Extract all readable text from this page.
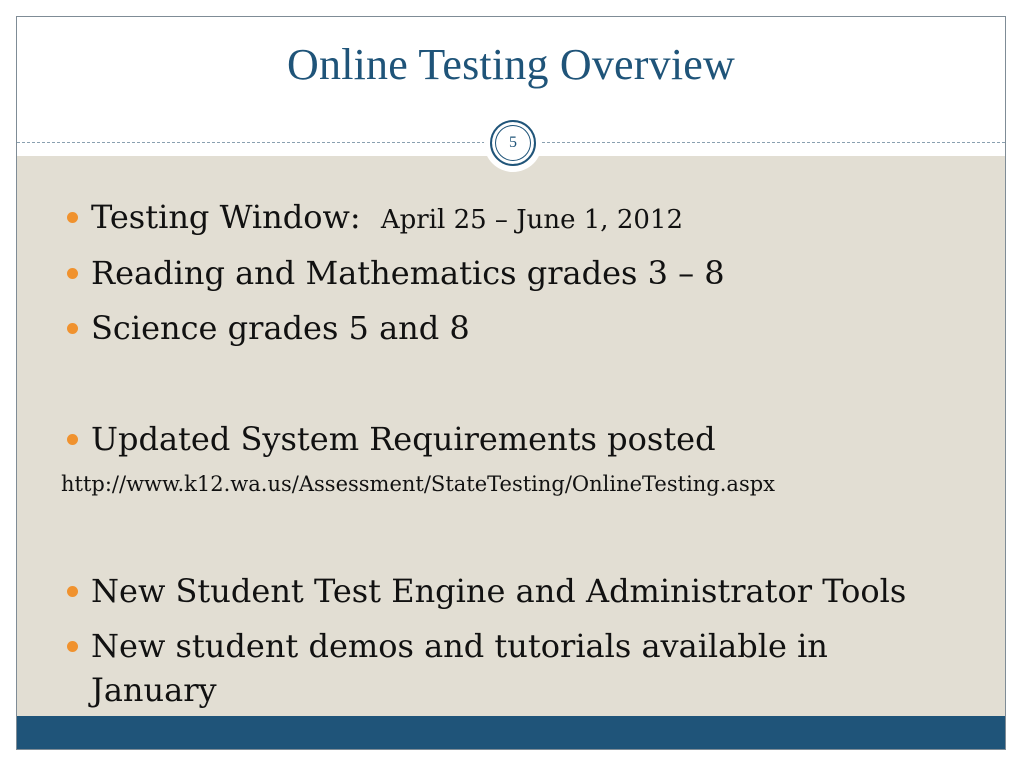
Online Testing Overview
5
Testing Window: April 25 – June 1, 2012
Reading and Mathematics grades 3 – 8
Science grades 5 and 8
Updated System Requirements posted
http://www.k12.wa.us/Assessment/StateTesting/OnlineTesting.aspx
New Student Test Engine and Administrator Tools
New student demos and tutorials available in
January
